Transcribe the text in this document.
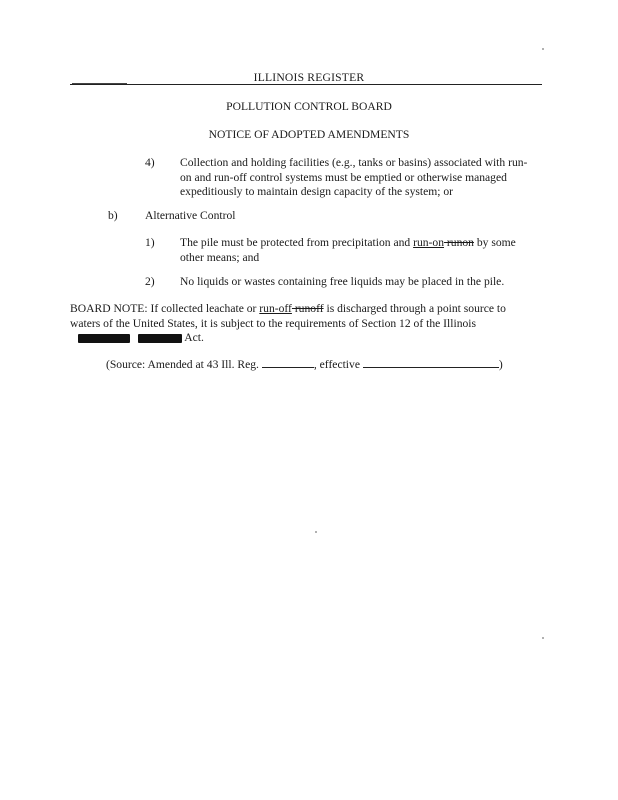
ILLINOIS REGISTER
POLLUTION CONTROL BOARD
NOTICE OF ADOPTED AMENDMENTS
4) Collection and holding facilities (e.g., tanks or basins) associated with run-
on and run-off control systems must be emptied or otherwise managed
expeditiously to maintain design capacity of the system; or
b) Alternative Control
1) The pile must be protected from precipitation and run-on runon by some
other means; and
2) No liquids or wastes containing free liquids may be placed in the pile.
BOARD NOTE: If collected leachate or run-off runoff is discharged through a point source to
waters of the United States, it is subject to the requirements of Section 12 of the Illinois
Act.
(Source: Amended at 43 Ill. Reg.	, effective	)
